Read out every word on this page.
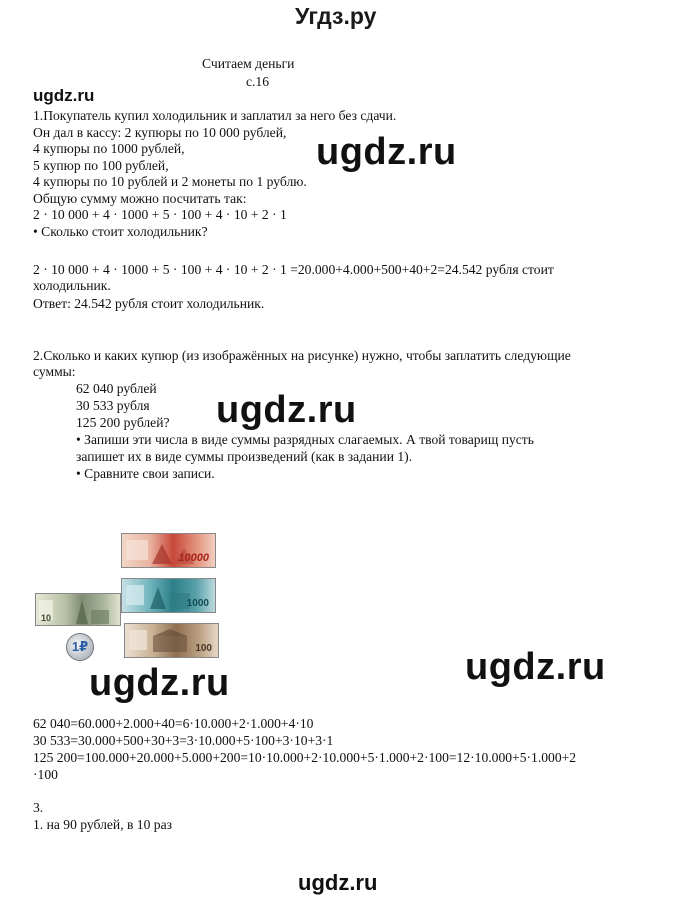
Угдз.ру
Считаем деньги
с.16
ugdz.ru
1.Покупатель купил холодильник и заплатил за него без сдачи.
Он дал в кассу: 2 купюры по 10 000 рублей,
4 купюры по 1000 рублей,
5 купюр по 100 рублей,
4 купюры по 10 рублей и 2 монеты по 1 рублю.
Общую сумму можно посчитать так:
2 · 10 000 + 4 · 1000 + 5 · 100 + 4 · 10 + 2 · 1
• Сколько стоит холодильник?
ugdz.ru
2 · 10 000 + 4 · 1000 + 5 · 100 + 4 · 10 + 2 · 1 =20.000+4.000+500+40+2=24.542 рубля стоит
холодильник.
Ответ: 24.542 рубля стоит холодильник.
2.Сколько и каких купюр (из изображённых на рисунке) нужно, чтобы заплатить следующие
суммы:
62 040 рублей
30 533 рубля
125 200 рублей?
• Запиши эти числа в виде суммы разрядных слагаемых. А твой товарищ пусть
запишет их в виде суммы произведений (как в задании 1).
• Сравните свои записи.
ugdz.ru
10000
1000
100
10
1₽	ugdz.ru
ugdz.ru
62 040=60.000+2.000+40=6·10.000+2·1.000+4·10
30 533=30.000+500+30+3=3·10.000+5·100+3·10+3·1
125 200=100.000+20.000+5.000+200=10·10.000+2·10.000+5·1.000+2·100=12·10.000+5·1.000+2
·100
3.
1. на 90 рублей, в 10 раз
ugdz.ru
